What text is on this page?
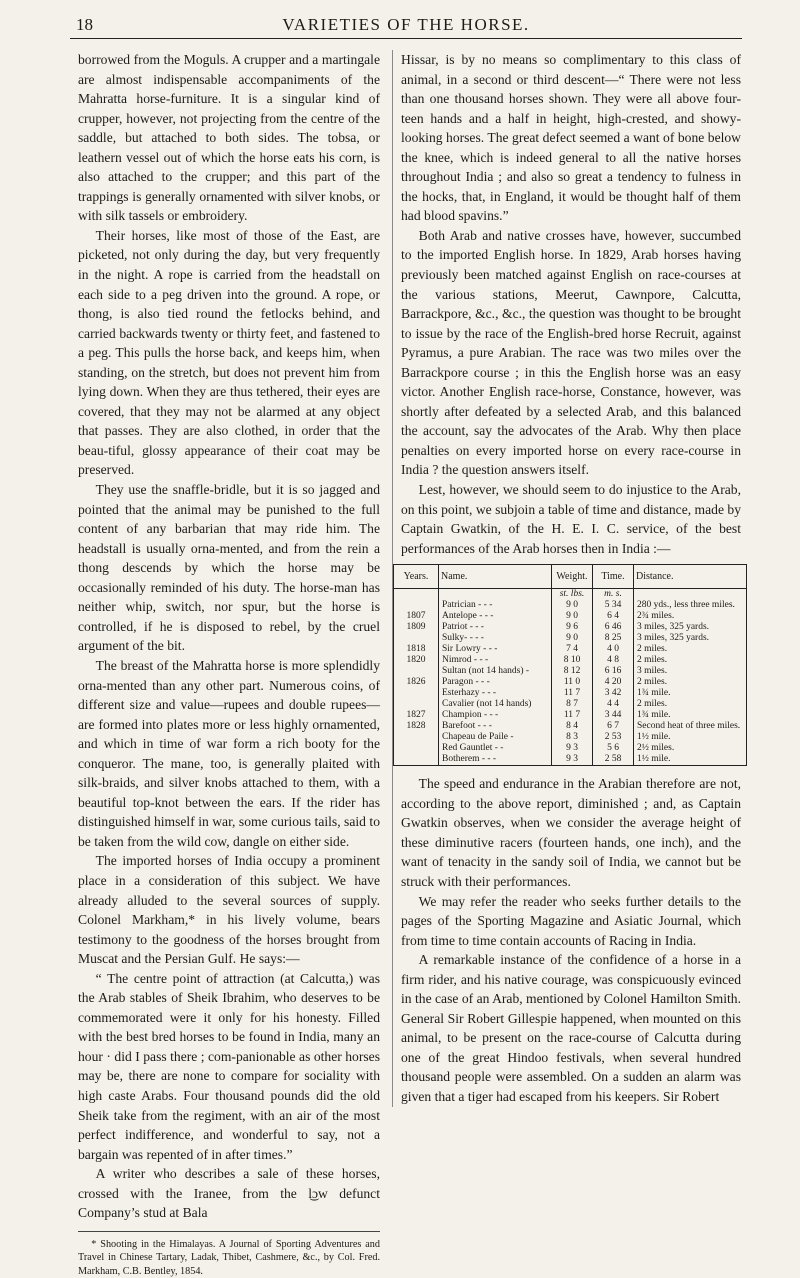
18	VARIETIES OF THE HORSE.

borrowed from the Moguls. A crupper and a martingale are almost indispensable accompaniments of the Mahratta horse-furniture. It is a singular kind of crupper, however, not projecting from the centre of the saddle, but attached to both sides. The tobsa, or leathern vessel out of which the horse eats his corn, is also attached to the crupper; and this part of the trappings is generally ornamented with silver knobs, or with silk tassels or embroidery.

Their horses, like most of those of the East, are picketed, not only during the day, but very frequently in the night. A rope is carried from the headstall on each side to a peg driven into the ground. A rope, or thong, is also tied round the fetlocks behind, and carried backwards twenty or thirty feet, and fastened to a peg. This pulls the horse back, and keeps him, when standing, on the stretch, but does not prevent him from lying down. When they are thus tethered, their eyes are covered, that they may not be alarmed at any object that passes. They are also clothed, in order that the beau-tiful, glossy appearance of their coat may be preserved.

They use the snaffle-bridle, but it is so jagged and pointed that the animal may be punished to the full content of any barbarian that may ride him. The headstall is usually orna-mented, and from the rein a thong descends by which the horse may be occasionally reminded of his duty. The horse-man has neither whip, switch, nor spur, but the horse is controlled, if he is disposed to rebel, by the cruel argument of the bit.

The breast of the Mahratta horse is more splendidly orna-mented than any other part. Numerous coins, of different size and value—rupees and double rupees—are formed into plates more or less highly ornamented, and which in time of war form a rich booty for the conqueror. The mane, too, is generally plaited with silk-braids, and silver knobs attached to them, with a beautiful top-knot between the ears. If the rider has distinguished himself in war, some curious tails, said to be taken from the wild cow, dangle on either side.

The imported horses of India occupy a prominent place in a consideration of this subject. We have already alluded to the several sources of supply. Colonel Markham,* in his lively volume, bears testimony to the goodness of the horses brought from Muscat and the Persian Gulf. He says:—

“ The centre point of attraction (at Calcutta,) was the Arab stables of Sheik Ibrahim, who deserves to be commemorated were it only for his honesty. Filled with the best bred horses to be found in India, many an hour · did I pass there ; com-panionable as other horses may be, there are none to compare for sociality with high caste Arabs. Four thousand pounds did the old Sheik take from the regiment, with an air of the most perfect indifference, and wonderful to say, not a bargain was repented of in after times.”

A writer who describes a sale of these horses, crossed with the Iranee, from the l͜ɔw defunct Company’s stud at Bala

* Shooting in the Himalayas. A Journal of Sporting Adventures and Travel in Chinese Tartary, Ladak, Thibet, Cashmere, &c., by Col. Fred. Markham, C.B. Bentley, 1854.

Hissar, is by no means so complimentary to this class of animal, in a second or third descent—“ There were not less than one thousand horses shown. They were all above four-teen hands and a half in height, high-crested, and showy-looking horses. The great defect seemed a want of bone below the knee, which is indeed general to all the native horses throughout India ; and also so great a tendency to fulness in the hocks, that, in England, it would be thought half of them had blood spavins.”

Both Arab and native crosses have, however, succumbed to the imported English horse. In 1829, Arab horses having previously been matched against English on race-courses at the various stations, Meerut, Cawnpore, Calcutta, Barrackpore, &c., &c., the question was thought to be brought to issue by the race of the English-bred horse Recruit, against Pyramus, a pure Arabian. The race was two miles over the Barrackpore course ; in this the English horse was an easy victor. Another English race-horse, Constance, however, was shortly after defeated by a selected Arab, and this balanced the account, say the advocates of the Arab. Why then place penalties on every imported horse on every race-course in India ? the question answers itself.

Lest, however, we should seem to do injustice to the Arab, on this point, we subjoin a table of time and distance, made by Captain Gwatkin, of the H. E. I. C. service, of the best performances of the Arab horses then in India :—

Years.	Name.	Weight.	Time.	Distance.
		st. lbs.	m. s.	
	Patrician - - -	9 0	5 34	280 yds., less three miles.
1807	Antelope - - -	9 0	6 4	2¾ miles.
1809	Patriot - - -	9 6	6 46	3 miles, 325 yards.
	Sulky- - - -	9 0	8 25	3 miles, 325 yards.
1818	Sir Lowry - - -	7 4	4 0	2 miles.
1820	Nimrod - - -	8 10	4 8	2 miles.
	Sultan (not 14 hands) -	8 12	6 16	3 miles.
1826	Paragon - - -	11 0	4 20	2 miles.
	Esterhazy - - -	11 7	3 42	1¾ mile.
	Cavalier (not 14 hands)	8 7	4 4	2 miles.
1827	Champion - - -	11 7	3 44	1¾ mile.
1828	Barefoot - - -	8 4	6 7	Second heat of three miles.
	Chapeau de Paile -	8 3	2 53	1½ mile.
	Red Gauntlet - -	9 3	5 6	2½ miles.
	Botherem - - -	9 3	2 58	1½ mile.

The speed and endurance in the Arabian therefore are not, according to the above report, diminished ; and, as Captain Gwatkin observes, when we consider the average height of these diminutive racers (fourteen hands, one inch), and the want of tenacity in the sandy soil of India, we cannot but be struck with their performances.

We may refer the reader who seeks further details to the pages of the Sporting Magazine and Asiatic Journal, which from time to time contain accounts of Racing in India.

A remarkable instance of the confidence of a horse in a firm rider, and his native courage, was conspicuously evinced in the case of an Arab, mentioned by Colonel Hamilton Smith. General Sir Robert Gillespie happened, when mounted on this animal, to be present on the race-course of Calcutta during one of the great Hindoo festivals, when several hundred thousand people were assembled. On a sudden an alarm was given that a tiger had escaped from his keepers. Sir Robert
